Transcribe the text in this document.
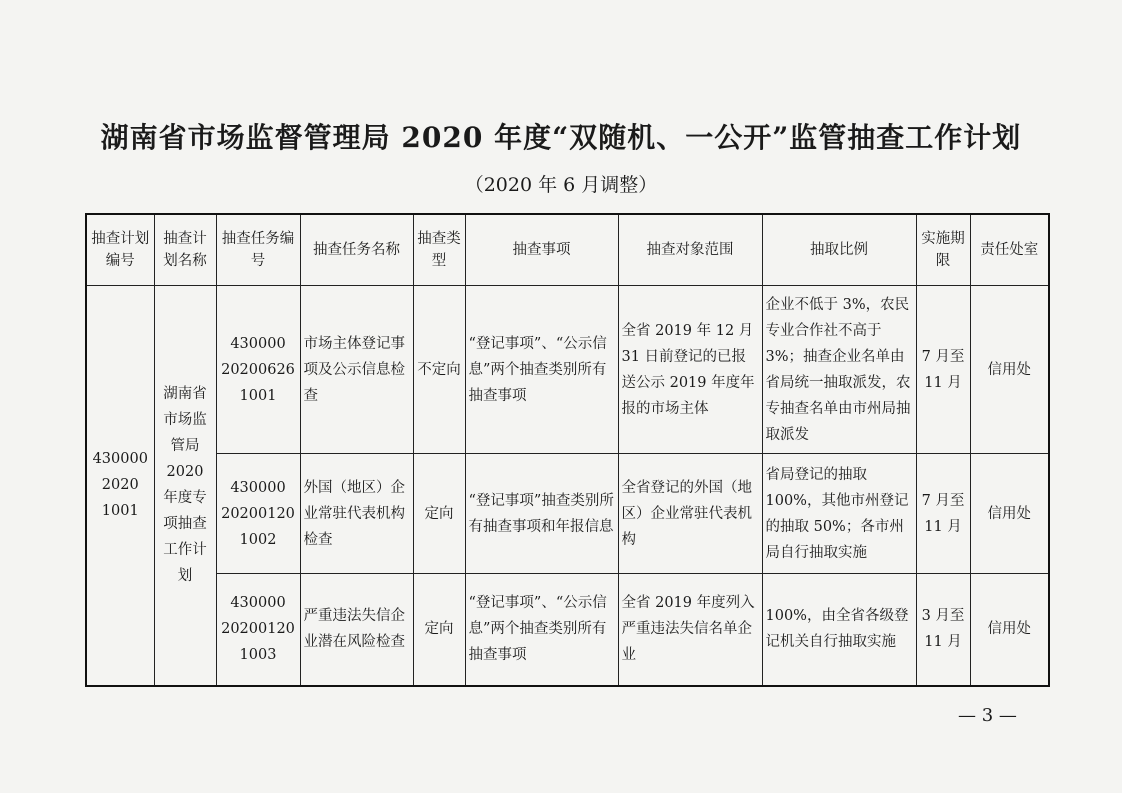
湖南省市场监督管理局 2020 年度“双随机、一公开”监管抽查工作计划
（2020 年 6 月调整）
抽查计划编号	抽查计划名称	抽查任务编号	抽查任务名称	抽查类型	抽查事项	抽查对象范围	抽取比例	实施期限	责任处室
430000 2020 1001	湖南省市场监管局 2020 年度专项抽查工作计划	430000 20200626 1001	市场主体登记事项及公示信息检查	不定向	“登记事项”、“公示信息”两个抽查类别所有抽查事项	全省 2019 年 12 月 31 日前登记的已报送公示 2019 年度年报的市场主体	企业不低于 3%，农民专业合作社不高于 3%；抽查企业名单由省局统一抽取派发，农专抽查名单由市州局抽取派发	7 月至 11 月	信用处
		430000 20200120 1002	外国（地区）企业常驻代表机构检查	定向	“登记事项”抽查类别所有抽查事项和年报信息	全省登记的外国（地区）企业常驻代表机构	省局登记的抽取 100%，其他市州登记的抽取 50%；各市州局自行抽取实施	7 月至 11 月	信用处
		430000 20200120 1003	严重违法失信企业潜在风险检查	定向	“登记事项”、“公示信息”两个抽查类别所有抽查事项	全省 2019 年度列入严重违法失信名单企业	100%，由全省各级登记机关自行抽取实施	3 月至 11 月	信用处
— 3 —
